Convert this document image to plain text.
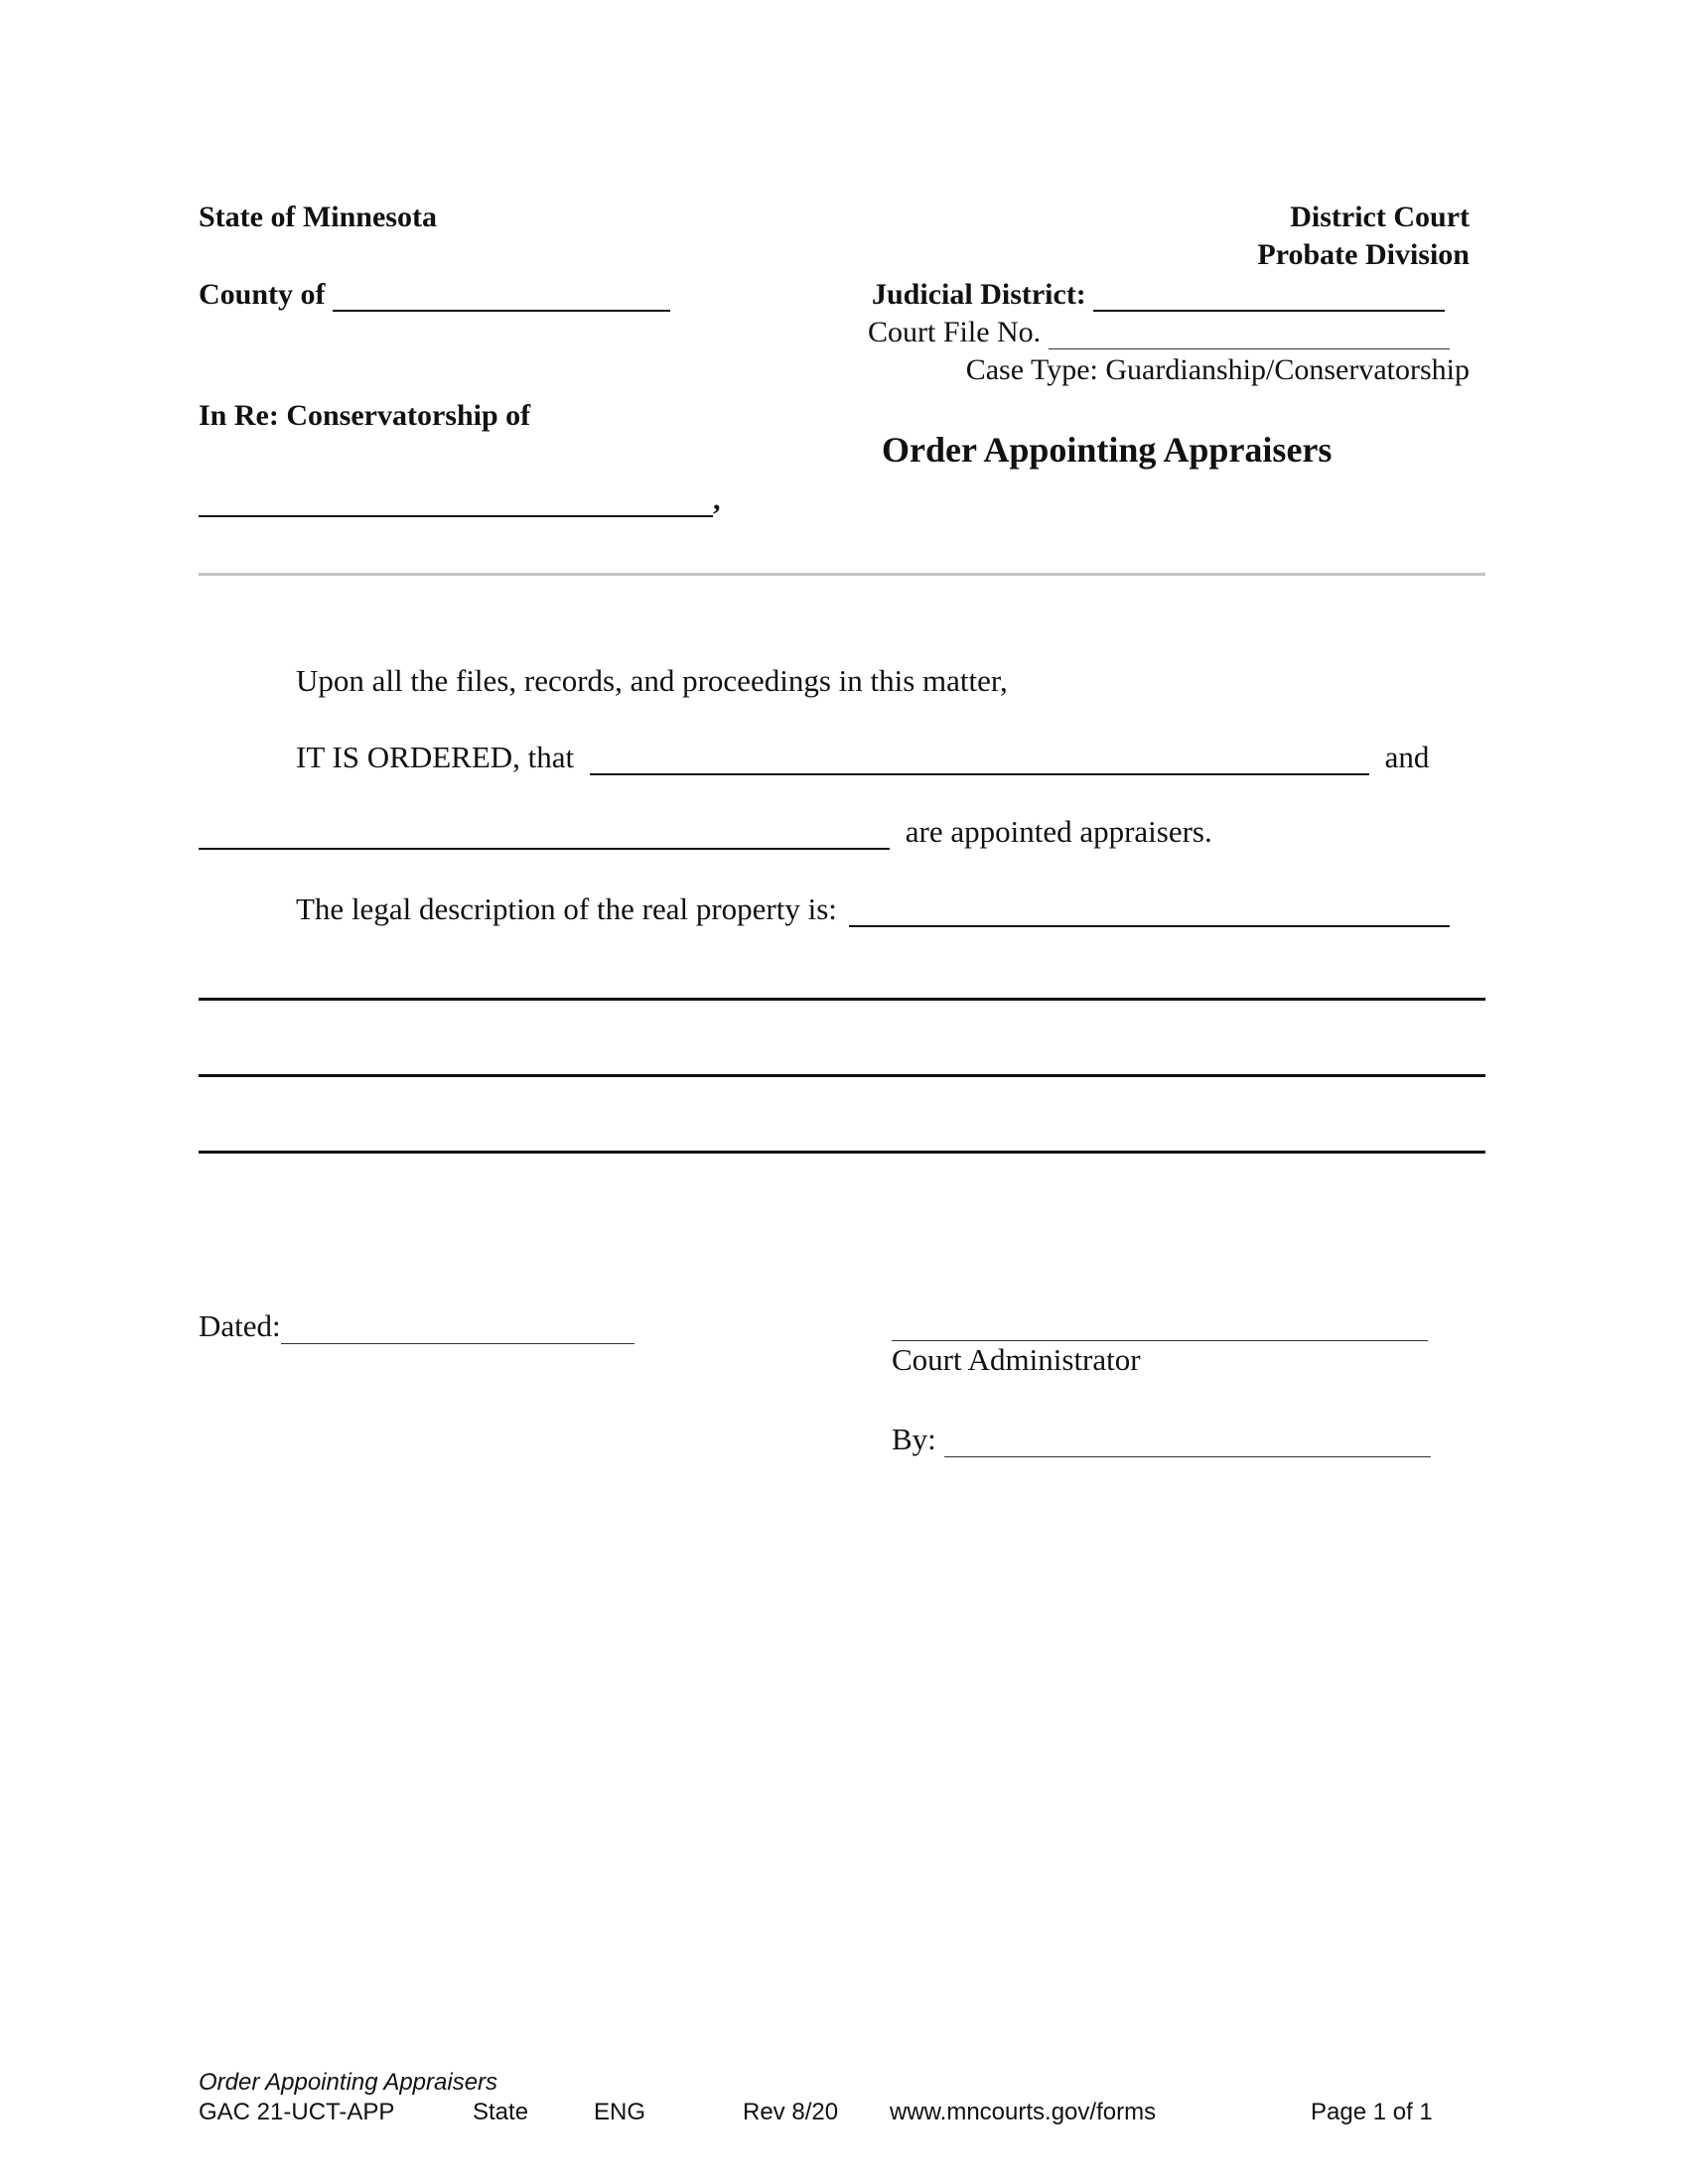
State of Minnesota
County of
In Re: Conservatorship of
,
District Court
Probate Division
Judicial District:
Court File No.
Case Type: Guardianship/Conservatorship
Order Appointing Appraisers
Upon all the files, records, and proceedings in this matter,
IT IS ORDERED, that	and
are appointed appraisers.
The legal description of the real property is:
Dated:
Court Administrator
By:
Order Appointing Appraisers
GAC 21-UCT-APP	State	ENG	Rev 8/20 www.mncourts.gov/forms	Page 1 of 1
